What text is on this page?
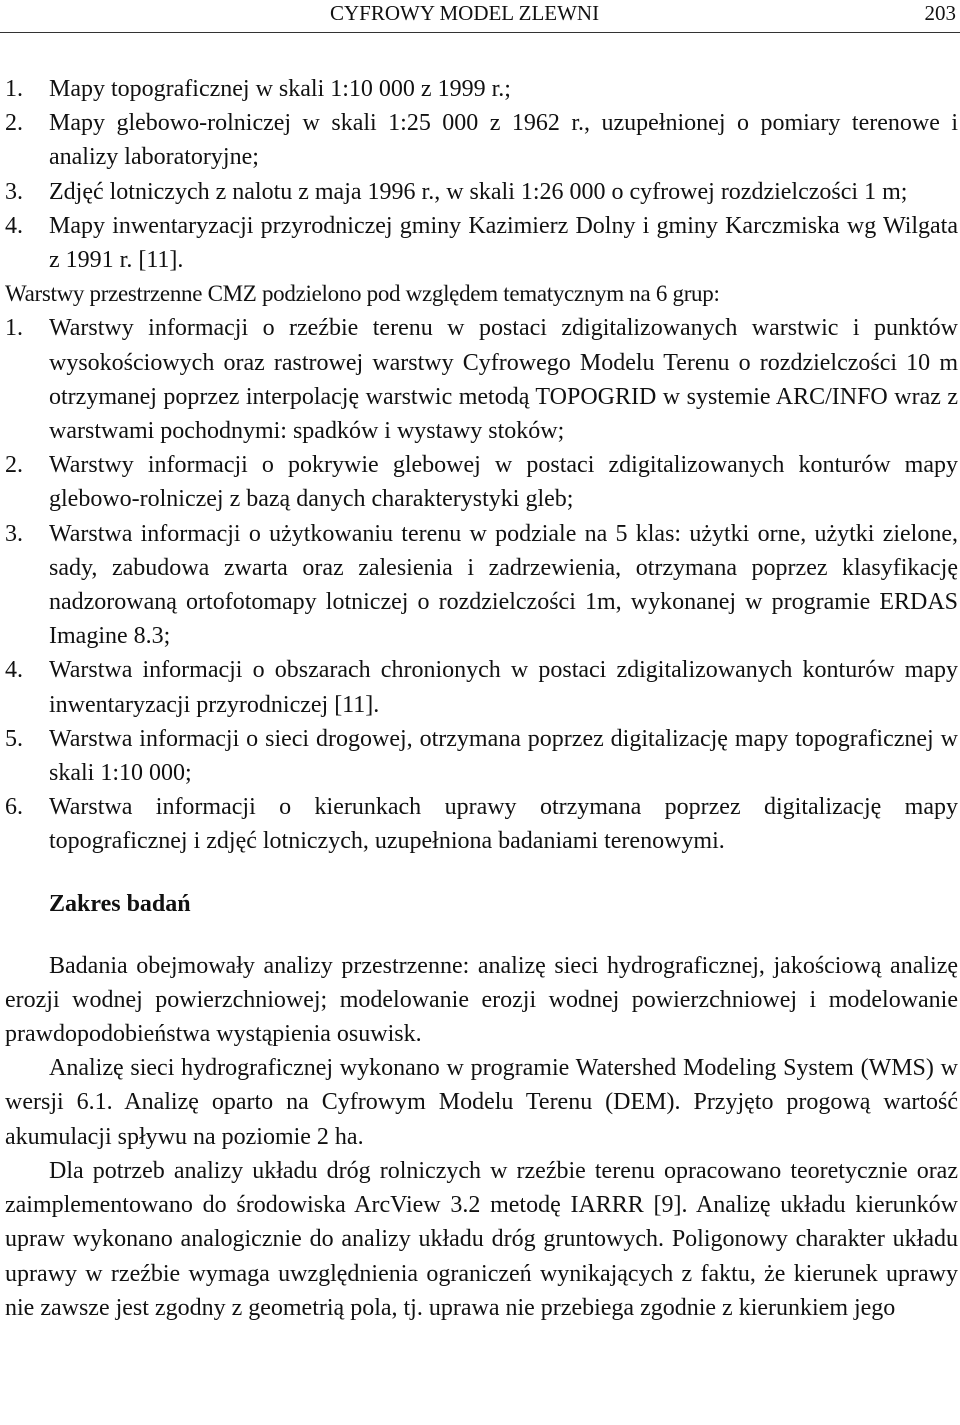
CYFROWY MODEL ZLEWNI	203
1. Mapy topograficznej w skali 1:10 000 z 1999 r.;
2. Mapy glebowo-rolniczej w skali 1:25 000 z 1962 r., uzupełnionej o pomiary terenowe i analizy laboratoryjne;
3. Zdjęć lotniczych z nalotu z maja 1996 r., w skali 1:26 000 o cyfrowej rozdzielczości 1 m;
4. Mapy inwentaryzacji przyrodniczej gminy Kazimierz Dolny i gminy Karczmiska wg Wilgata z 1991 r. [11].

Warstwy przestrzenne CMZ podzielono pod względem tematycznym na 6 grup:

1. Warstwy informacji o rzeźbie terenu w postaci zdigitalizowanych warstwic i punktów wysokościowych oraz rastrowej warstwy Cyfrowego Modelu Terenu o rozdzielczości 10 m otrzymanej poprzez interpolację warstwic metodą TOPOGRID w systemie ARC/INFO wraz z warstwami pochodnymi: spadków i wystawy stoków;
2. Warstwy informacji o pokrywie glebowej w postaci zdigitalizowanych konturów mapy glebowo-rolniczej z bazą danych charakterystyki gleb;
3. Warstwa informacji o użytkowaniu terenu w podziale na 5 klas: użytki orne, użytki zielone, sady, zabudowa zwarta oraz zalesienia i zadrzewienia, otrzymana poprzez klasyfikację nadzorowaną ortofotomapy lotniczej o rozdzielczości 1m, wykonanej w programie ERDAS Imagine 8.3;
4. Warstwa informacji o obszarach chronionych w postaci zdigitalizowanych konturów mapy inwentaryzacji przyrodniczej [11].
5. Warstwa informacji o sieci drogowej, otrzymana poprzez digitalizację mapy topograficznej w skali 1:10 000;
6. Warstwa informacji o kierunkach uprawy otrzymana poprzez digitalizację mapy topograficznej i zdjęć lotniczych, uzupełniona badaniami terenowymi.
Zakres badań

Badania obejmowały analizy przestrzenne: analizę sieci hydrograficznej, jakościową analizę erozji wodnej powierzchniowej; modelowanie erozji wodnej powierzchniowej i modelowanie prawdopodobieństwa wystąpienia osuwisk.

Analizę sieci hydrograficznej wykonano w programie Watershed Modeling System (WMS) w wersji 6.1. Analizę oparto na Cyfrowym Modelu Terenu (DEM). Przyjęto progową wartość akumulacji spływu na poziomie 2 ha.

Dla potrzeb analizy układu dróg rolniczych w rzeźbie terenu opracowano teoretycznie oraz zaimplementowano do środowiska ArcView 3.2 metodę IARRR [9]. Analizę układu kierunków upraw wykonano analogicznie do analizy układu dróg gruntowych. Poligonowy charakter układu uprawy w rzeźbie wymaga uwzględnienia ograniczeń wynikających z faktu, że kierunek uprawy nie zawsze jest zgodny z geometrią pola, tj. uprawa nie przebiega zgodnie z kierunkiem jego
